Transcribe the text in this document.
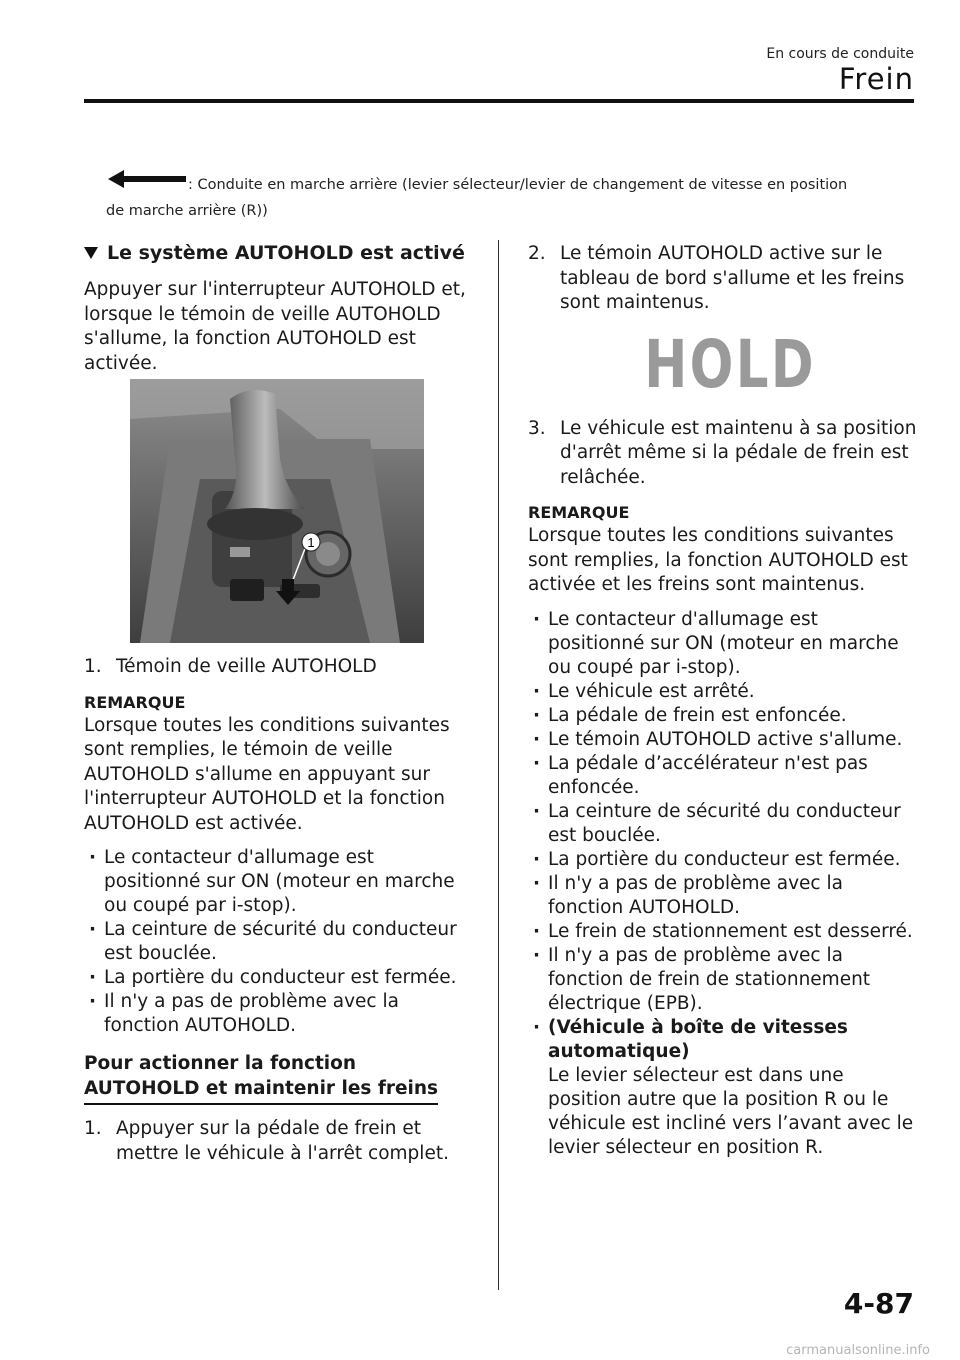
En cours de conduite
Frein
: Conduite en marche arrière (levier sélecteur/levier de changement de vitesse en position
de marche arrière (R))
Le système AUTOHOLD est activé

Appuyer sur l'interrupteur AUTOHOLD et, lorsque le témoin de veille AUTOHOLD s'allume, la fonction AUTOHOLD est activée.

1
1. Témoin de veille AUTOHOLD
REMARQUE

Lorsque toutes les conditions suivantes sont remplies, le témoin de veille AUTOHOLD s'allume en appuyant sur l'interrupteur AUTOHOLD et la fonction AUTOHOLD est activée.

· Le contacteur d'allumage est positionné sur ON (moteur en marche ou coupé par i-stop).
· La ceinture de sécurité du conducteur est bouclée.
· La portière du conducteur est fermée.
· Il n'y a pas de problème avec la fonction AUTOHOLD.
Pour actionner la fonction
AUTOHOLD et maintenir les freins
1. Appuyer sur la pédale de frein et mettre le véhicule à l'arrêt complet.
2. Le témoin AUTOHOLD active sur le tableau de bord s'allume et les freins sont maintenus.
HOLD
3. Le véhicule est maintenu à sa position d'arrêt même si la pédale de frein est relâchée.
REMARQUE

Lorsque toutes les conditions suivantes sont remplies, la fonction AUTOHOLD est activée et les freins sont maintenus.

· Le contacteur d'allumage est positionné sur ON (moteur en marche ou coupé par i-stop).
· Le véhicule est arrêté.
· La pédale de frein est enfoncée.
· Le témoin AUTOHOLD active s'allume.
· La pédale d’accélérateur n'est pas enfoncée.
· La ceinture de sécurité du conducteur est bouclée.
· La portière du conducteur est fermée.
· Il n'y a pas de problème avec la fonction AUTOHOLD.
· Le frein de stationnement est desserré.
· Il n'y a pas de problème avec la fonction de frein de stationnement électrique (EPB).
· (Véhicule à boîte de vitesses automatique)
Le levier sélecteur est dans une position autre que la position R ou le véhicule est incliné vers l’avant avec le levier sélecteur en position R.
4-87
carmanualsonline.info
